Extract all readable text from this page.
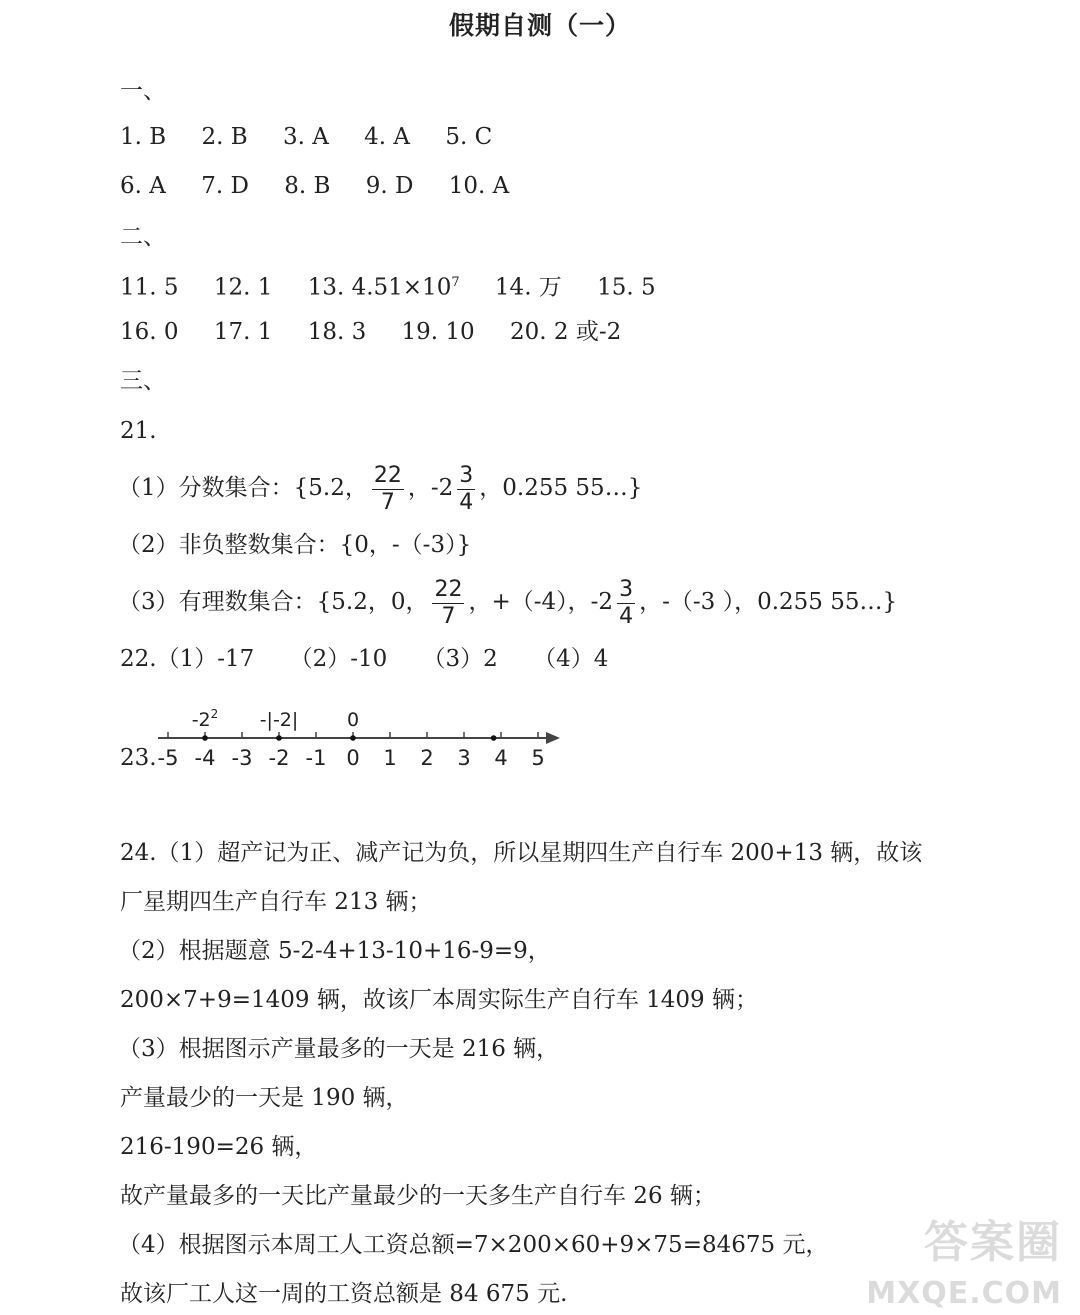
假期自测（一）
一、
1. B 2. B 3. A 4. A 5. C
6. A 7. D 8. B 9. D 10. A
二、
11. 5 12. 1 13. $4.51\times 10^7$ 14. 万 15. 5
16. 0 17. 1 18. 3 19. 10 20. 2 或-2
三、
21.
（1）分数集合：{5.2， $\frac{22}{7}$ ，$-2 \frac{3}{4}$ ，0.255 55…}
（2）非负整数集合：{0，-（-3）}
（3）有理数集合：{5.2，0， $\frac{22}{7}$ ，+（-4），$-2 \frac{3}{4}$ ，-（-3 ），0.255 55…}
22.（1）-17 （2）-10 （3）2 （4）4
23. -5 -4 -3 -2 -1 0 1 2 3 4 5
$-2^2$ -|-2|	0
24.（1）超产记为正、减产记为负，所以星期四生产自行车 200+13 辆，故该
厂星期四生产自行车 213 辆；
（2）根据题意 5-2-4+13-10+16-9=9，
200×7+9=1409 辆，故该厂本周实际生产自行车 1409 辆；
（3）根据图示产量最多的一天是 216 辆，
产量最少的一天是 190 辆，
216-190=26 辆，
故产量最多的一天比产量最少的一天多生产自行车 26 辆；
（4）根据图示本周工人工资总额=7×200×60+9×75=84675 元，
故该厂工人这一周的工资总额是 84 675 元.
答案圈
MXQE.COM
